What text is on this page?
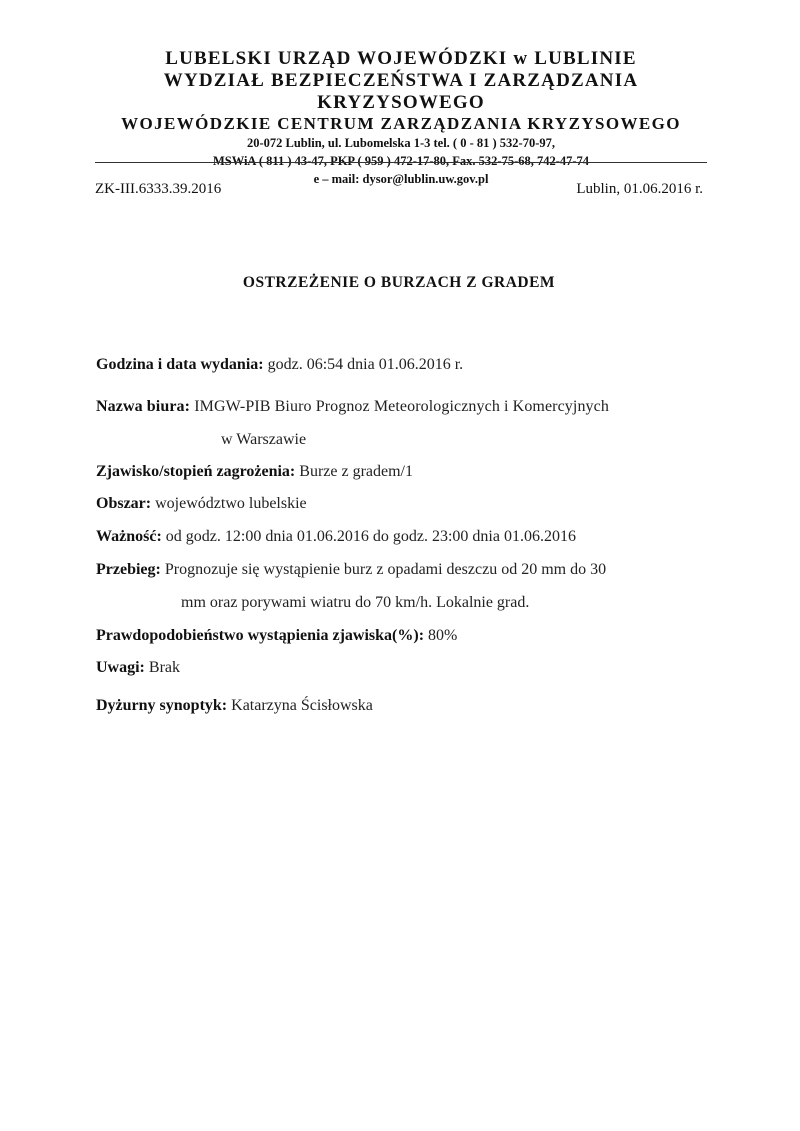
LUBELSKI URZĄD WOJEWÓDZKI w LUBLINIE
WYDZIAŁ BEZPIECZEŃSTWA I ZARZĄDZANIA KRYZYSOWEGO
WOJEWÓDZKIE CENTRUM ZARZĄDZANIA KRYZYSOWEGO
20-072 Lublin, ul. Lubomelska 1-3 tel. ( 0 - 81 ) 532-70-97,
MSWiA ( 811 ) 43-47, PKP ( 959 ) 472-17-80, Fax. 532-75-68, 742-47-74
e – mail: dysor@lublin.uw.gov.pl
ZK-III.6333.39.2016	Lublin, 01.06.2016 r.
OSTRZEŻENIE O BURZACH Z GRADEM
Godzina i data wydania: godz. 06:54 dnia 01.06.2016 r.
Nazwa biura: IMGW-PIB Biuro Prognoz Meteorologicznych i Komercyjnych
w Warszawie
Zjawisko/stopień zagrożenia: Burze z gradem/1
Obszar: województwo lubelskie
Ważność: od godz. 12:00 dnia 01.06.2016 do godz. 23:00 dnia 01.06.2016
Przebieg: Prognozuje się wystąpienie burz z opadami deszczu od 20 mm do 30
mm oraz porywami wiatru do 70 km/h. Lokalnie grad.
Prawdopodobieństwo wystąpienia zjawiska(%): 80%
Uwagi: Brak
Dyżurny synoptyk: Katarzyna Ścisłowska
